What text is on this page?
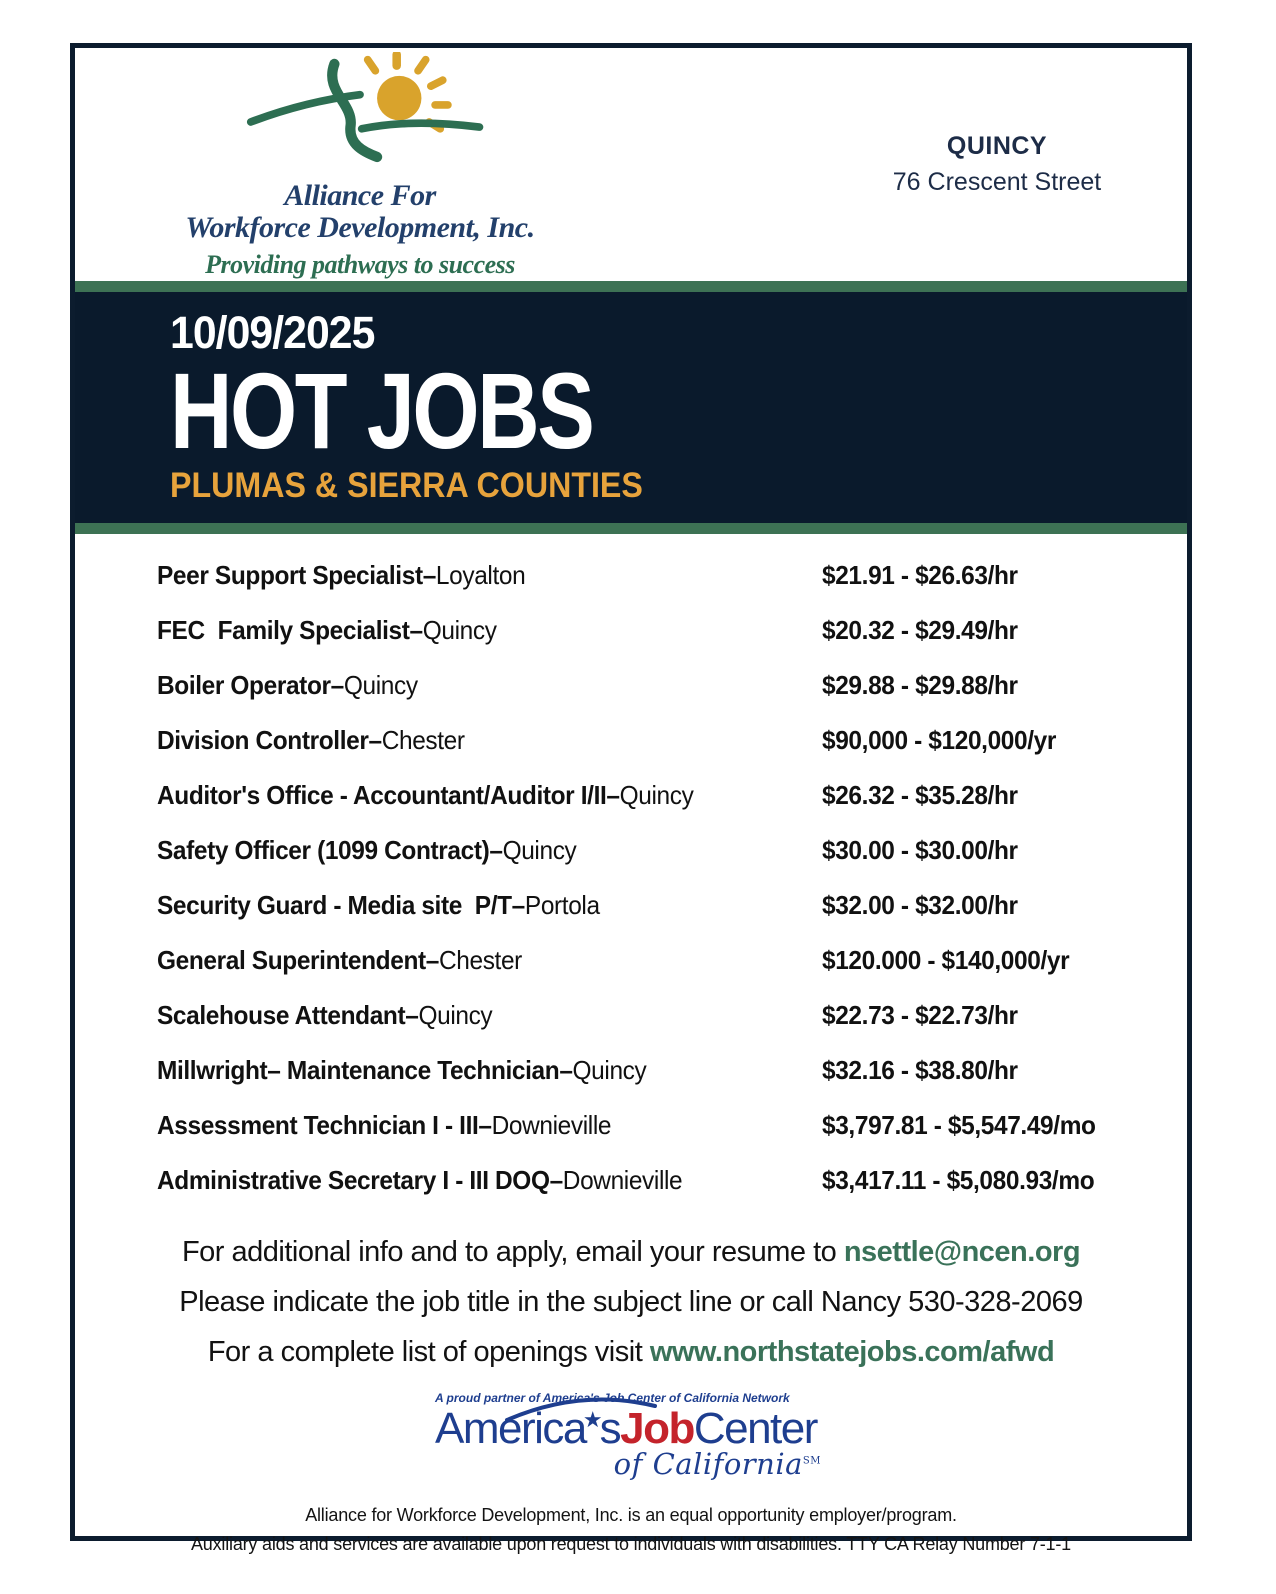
Alliance For
Workforce Development, Inc.
Providing pathways to success
QUINCY
76 Crescent Street
10/09/2025
HOT JOBS
PLUMAS & SIERRA COUNTIES
Peer Support Specialist–Loyalton	$21.91 - $26.63/hr
FEC  Family Specialist–Quincy	$20.32 - $29.49/hr
Boiler Operator–Quincy	$29.88 - $29.88/hr
Division Controller–Chester	$90,000 - $120,000/yr
Auditor's Office - Accountant/Auditor I/II–Quincy	$26.32 - $35.28/hr
Safety Officer (1099 Contract)–Quincy	$30.00 - $30.00/hr
Security Guard - Media site  P/T–Portola	$32.00 - $32.00/hr
General Superintendent–Chester	$120.000 - $140,000/yr
Scalehouse Attendant–Quincy	$22.73 - $22.73/hr
Millwright– Maintenance Technician–Quincy	$32.16 - $38.80/hr
Assessment Technician I - III–Downieville	$3,797.81 - $5,547.49/mo
Administrative Secretary I - III DOQ–Downieville	$3,417.11 - $5,080.93/mo
For additional info and to apply, email your resume to nsettle@ncen.org
Please indicate the job title in the subject line or call Nancy 530-328-2069
For a complete list of openings visit www.northstatejobs.com/afwd
A proud partner of America's Job Center of California Network
America★sJobCenter
of California℠
Alliance for Workforce Development, Inc. is an equal opportunity employer/program.
Auxiliary aids and services are available upon request to individuals with disabilities. TTY CA Relay Number 7-1-1
